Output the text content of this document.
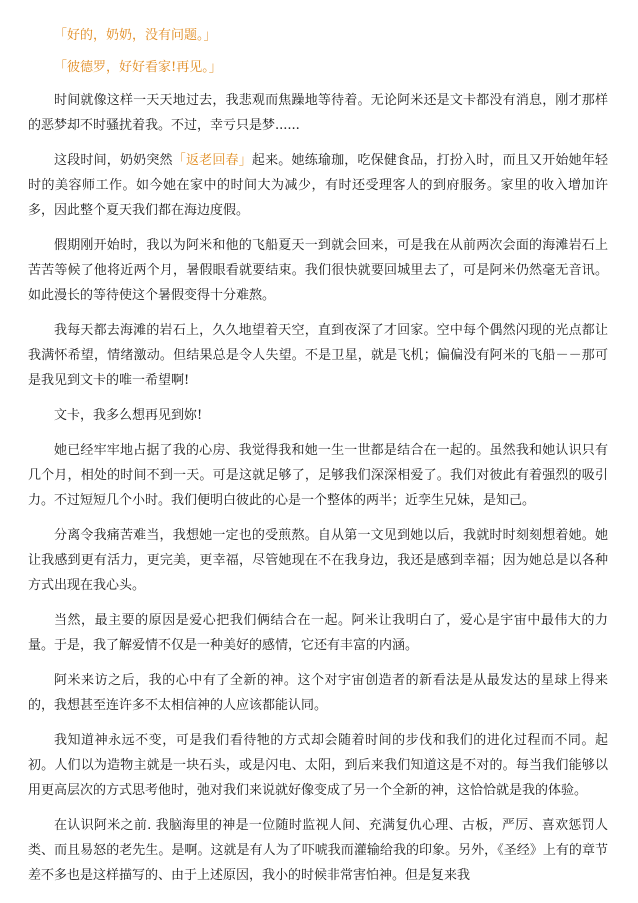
「好的，奶奶，没有问题。」

「彼德罗，好好看家!再见。」

时间就像这样一天天地过去，我悲观而焦躁地等待着。无论阿米还是文卡都没有消息，刚才那样的恶梦却不时骚扰着我。不过，幸亏只是梦......

这段时间，奶奶突然「返老回春」起来。她练瑜珈，吃保健食品，打扮入时，而且又开始她年轻时的美容师工作。如今她在家中的时间大为减少，有时还受理客人的到府服务。家里的收入增加许多，因此整个夏天我们都在海边度假。

假期刚开始时，我以为阿米和他的飞船夏天一到就会回来，可是我在从前两次会面的海滩岩石上苦苦等候了他将近两个月，暑假眼看就要结束。我们很快就要回城里去了，可是阿米仍然毫无音讯。如此漫长的等待使这个暑假变得十分难熬。

我每天都去海滩的岩石上，久久地望着天空，直到夜深了才回家。空中每个偶然闪现的光点都让我满怀希望，情绪激动。但结果总是令人失望。不是卫星，就是飞机；偏偏没有阿米的飞船－－那可是我见到文卡的唯一希望啊!

文卡，我多么想再见到妳!

她已经牢牢地占据了我的心房、我觉得我和她一生一世都是结合在一起的。虽然我和她认识只有几个月，相处的时间不到一天。可是这就足够了，足够我们深深相爱了。我们对彼此有着强烈的吸引力。不过短短几个小时。我们便明白彼此的心是一个整体的两半；近孪生兄妹，是知己。

分离令我痛苦难当，我想她一定也的受煎熬。自从第一文见到她以后，我就时时刻刻想着她。她让我感到更有活力，更完美，更幸福，尽管她现在不在我身边，我还是感到幸福；因为她总是以各种方式出现在我心头。

当然，最主要的原因是爱心把我们俩结合在一起。阿米让我明白了，爱心是宇宙中最伟大的力量。于是，我了解爱情不仅是一种美好的感情，它还有丰富的内涵。

阿米来访之后，我的心中有了全新的神。这个对宇宙创造者的新看法是从最发达的星球上得来的，我想甚至连许多不太相信神的人应该都能认同。

我知道神永远不变，可是我们看待牠的方式却会随着时间的步伐和我们的进化过程而不同。起初。人们以为造物主就是一块石头，或是闪电、太阳，到后来我们知道这是不对的。每当我们能够以用更高层次的方式思考他时，弛对我们来说就好像变成了另一个全新的神，这恰恰就是我的体验。

在认识阿米之前. 我脑海里的神是一位随时监视人间、充满复仇心理、古板，严厉、喜欢惩罚人类、而且易怒的老先生。是啊。这就是有人为了吓唬我而灌输给我的印象。另外，《圣经》上有的章节差不多也是这样描写的、由于上述原因，我小的时候非常害怕神。但是复来我
